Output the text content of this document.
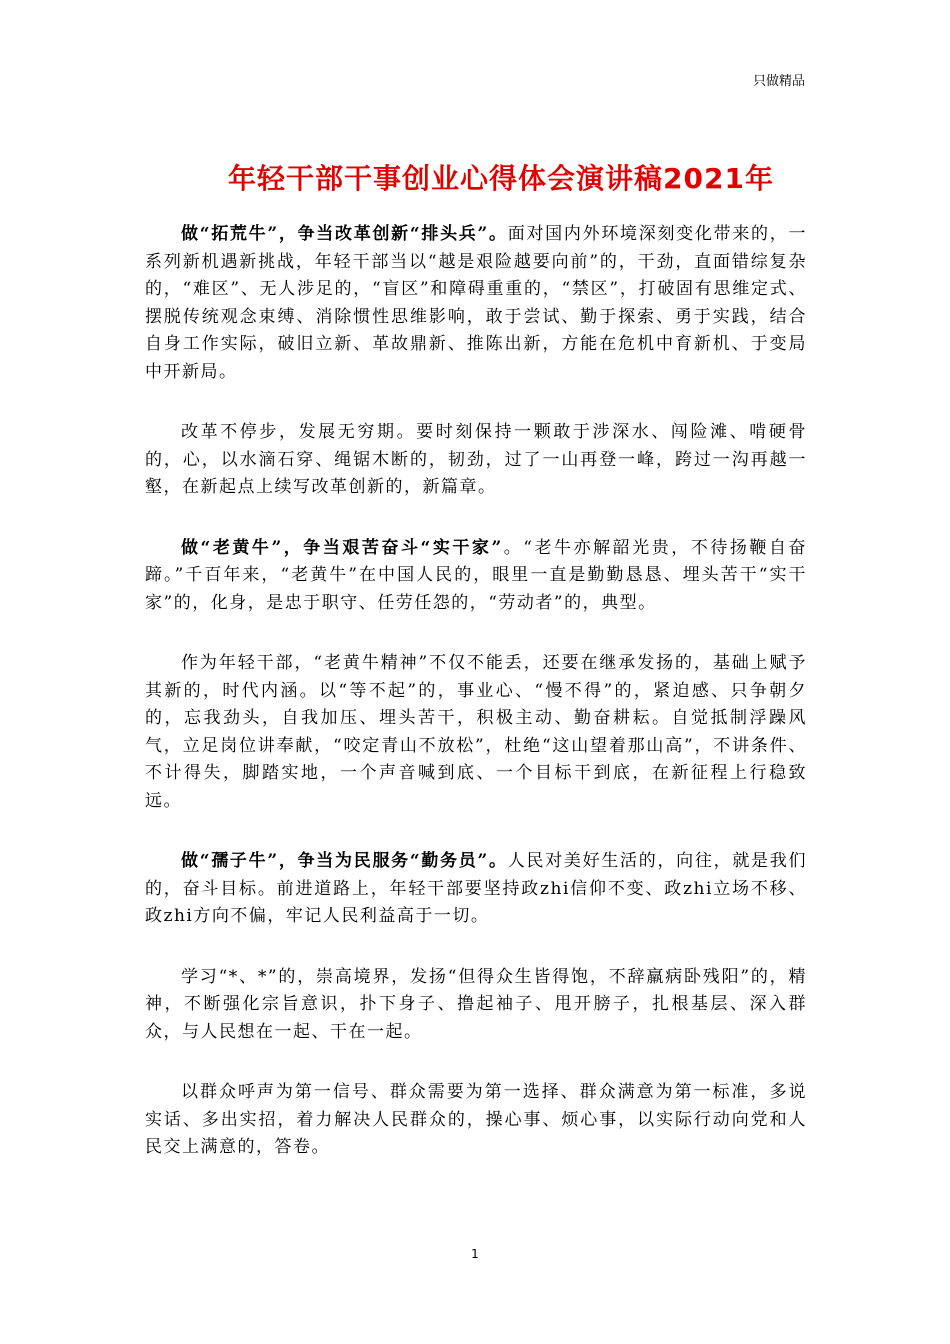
只做精品
年轻干部干事创业心得体会演讲稿2021年

做“拓荒牛”，争当改革创新“排头兵”。面对国内外环境深刻变化带来的，一系列新机遇新挑战，年轻干部当以“越是艰险越要向前”的，干劲，直面错综复杂的，“难区”、无人涉足的，“盲区”和障碍重重的，“禁区”，打破固有思维定式、摆脱传统观念束缚、消除惯性思维影响，敢于尝试、勤于探索、勇于实践，结合自身工作实际，破旧立新、革故鼎新、推陈出新，方能在危机中育新机、于变局中开新局。

改革不停步，发展无穷期。要时刻保持一颗敢于涉深水、闯险滩、啃硬骨的，心，以水滴石穿、绳锯木断的，韧劲，过了一山再登一峰，跨过一沟再越一壑，在新起点上续写改革创新的，新篇章。

做“老黄牛”，争当艰苦奋斗“实干家”。“老牛亦解韶光贵，不待扬鞭自奋蹄。”千百年来，“老黄牛”在中国人民的，眼里一直是勤勤恳恳、埋头苦干“实干家”的，化身，是忠于职守、任劳任怨的，“劳动者”的，典型。

作为年轻干部，“老黄牛精神”不仅不能丢，还要在继承发扬的，基础上赋予其新的，时代内涵。以“等不起”的，事业心、“慢不得”的，紧迫感、只争朝夕的，忘我劲头，自我加压、埋头苦干，积极主动、勤奋耕耘。自觉抵制浮躁风气，立足岗位讲奉献，“咬定青山不放松”，杜绝“这山望着那山高”，不讲条件、不计得失，脚踏实地，一个声音喊到底、一个目标干到底，在新征程上行稳致远。

做“孺子牛”，争当为民服务“勤务员”。人民对美好生活的，向往，就是我们的，奋斗目标。前进道路上，年轻干部要坚持政zhi信仰不变、政zhi立场不移、政zhi方向不偏，牢记人民利益高于一切。

学习“*、*”的，崇高境界，发扬“但得众生皆得饱，不辞羸病卧残阳”的，精神，不断强化宗旨意识，扑下身子、撸起袖子、甩开膀子，扎根基层、深入群众，与人民想在一起、干在一起。

以群众呼声为第一信号、群众需要为第一选择、群众满意为第一标准，多说实话、多出实招，着力解决人民群众的，操心事、烦心事，以实际行动向党和人民交上满意的，答卷。

1
